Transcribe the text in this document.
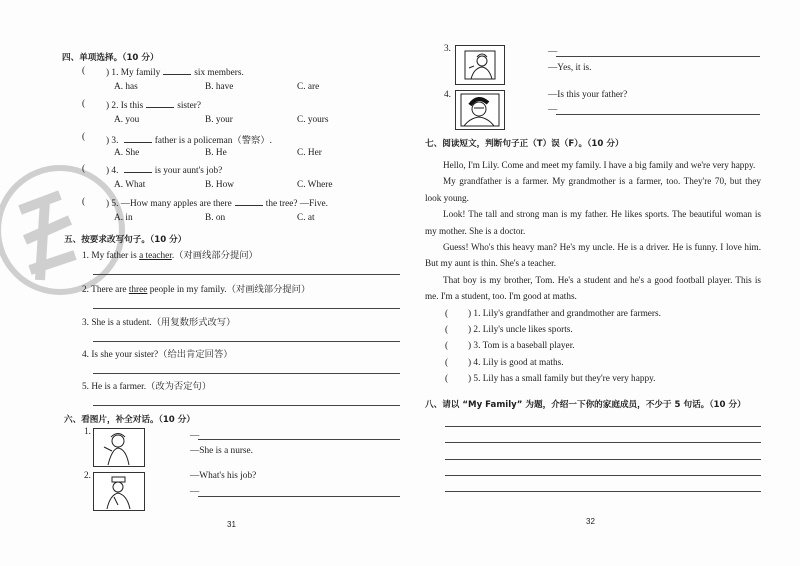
四、单项选择。（10 分）
( ) 1. My family	six members.
A. has	B. have	C. are
( ) 2. Is this	sister?
A. you	B. your	C. yours
( ) 3.	father is a policeman（警察）.
A. She	B. He	C. Her
( ) 4.	is your aunt's job?
A. What	B. How	C. Where
( ) 5. —How many apples are there	the tree? —Five.
A. in	B. on	C. at
五、按要求改写句子。（10 分）
1. My father is a teacher.（对画线部分提问）
2. There are three people in my family.（对画线部分提问）
3. She is a student.（用复数形式改写）
4. Is she your sister?（给出肯定回答）
5. He is a farmer.（改为否定句）
六、看图片，补全对话。（10 分）
1.	—
—She is a nurse.
2.	—What's his job?
—
31
3.	—
—Yes, it is.
4.	—Is this your father?
—
七、阅读短文，判断句子正（T）误（F）。（10 分）

Hello, I'm Lily. Come and meet my family. I have a big family and we're very happy.

My grandfather is a farmer. My grandmother is a farmer, too. They're 70, but they look young.

Look! The tall and strong man is my father. He likes sports. The beautiful woman is my mother. She is a doctor.

Guess! Who's this heavy man? He's my uncle. He is a driver. He is funny. I love him. But my aunt is thin. She's a teacher.

That boy is my brother, Tom. He's a student and he's a good football player. This is me. I'm a student, too. I'm good at maths.

( ) 1. Lily's grandfather and grandmother are farmers.
( ) 2. Lily's uncle likes sports.
( ) 3. Tom is a baseball player.
( ) 4. Lily is good at maths.
( ) 5. Lily has a small family but they're very happy.
八、请以 “My Family” 为题，介绍一下你的家庭成员，不少于 5 句话。（10 分）
32
